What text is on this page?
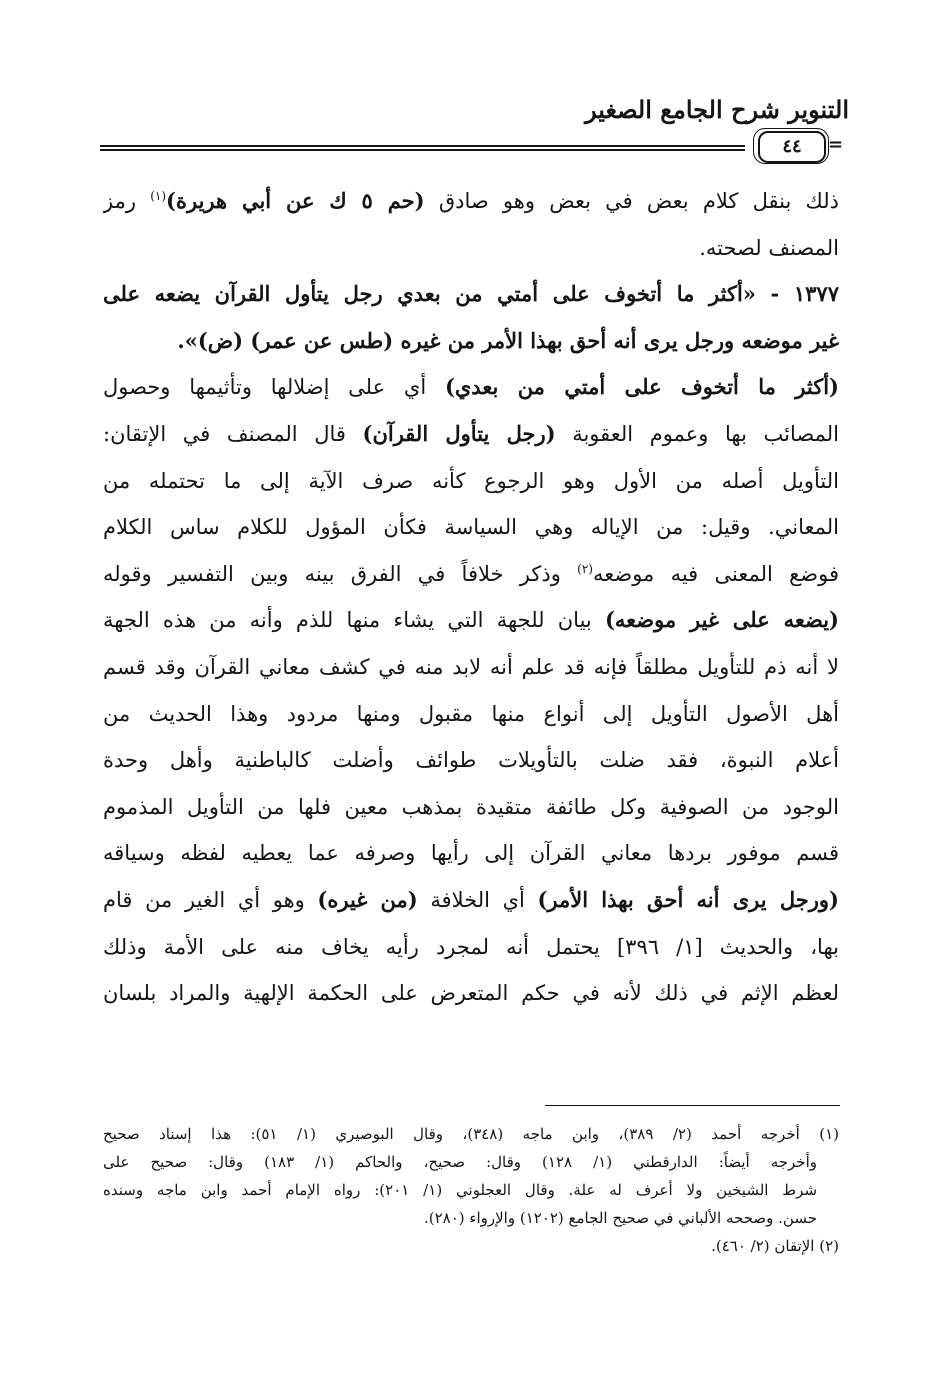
التنوير شرح الجامع الصغير
٤٤	=
ذلك بنقل كلام بعض في بعض وهو صادق (حم ٥ ك عن أبي هريرة)$^{(١)}$ رمز
المصنف لصحته.
١٣٧٧ - «أكثر ما أتخوف على أمتي من بعدي رجل يتأول القرآن يضعه على
غير موضعه ورجل يرى أنه أحق بهذا الأمر من غيره (طس عن عمر) (ض)».
(أكثر ما أتخوف على أمتي من بعدي) أي على إضلالها وتأثيمها وحصول
المصائب بها وعموم العقوبة (رجل يتأول القرآن) قال المصنف في الإتقان:
التأويل أصله من الأول وهو الرجوع كأنه صرف الآية إلى ما تحتمله من
المعاني. وقيل: من الإياله وهي السياسة فكأن المؤول للكلام ساس الكلام
فوضع المعنى فيه موضعه$^{(٢)}$ وذكر خلافاً في الفرق بينه وبين التفسير وقوله
(يضعه على غير موضعه) بيان للجهة التي يشاء منها للذم وأنه من هذه الجهة
لا أنه ذم للتأويل مطلقاً فإنه قد علم أنه لابد منه في كشف معاني القرآن وقد قسم
أهل الأصول التأويل إلى أنواع منها مقبول ومنها مردود وهذا الحديث من
أعلام النبوة، فقد ضلت بالتأويلات طوائف وأضلت كالباطنية وأهل وحدة
الوجود من الصوفية وكل طائفة متقيدة بمذهب معين فلها من التأويل المذموم
قسم موفور بردها معاني القرآن إلى رأيها وصرفه عما يعطيه لفظه وسياقه
(ورجل يرى أنه أحق بهذا الأمر) أي الخلافة (من غيره) وهو أي الغير من قام
بها، والحديث [١/ ٣٩٦] يحتمل أنه لمجرد رأيه يخاف منه على الأمة وذلك
لعظم الإثم في ذلك لأنه في حكم المتعرض على الحكمة الإلهية والمراد بلسان
(١) أخرجه أحمد (٢/ ٣٨٩)، وابن ماجه (٣٤٨)، وقال البوصيري (١/ ٥١): هذا إسناد صحيح
وأخرجه أيضاً: الدارقطني (١/ ١٢٨) وقال: صحيح، والحاكم (١/ ١٨٣) وقال: صحيح على
شرط الشيخين ولا أعرف له علة. وقال العجلوني (١/ ٢٠١): رواه الإمام أحمد وابن ماجه وسنده
حسن. وصححه الألباني في صحيح الجامع (١٢٠٢) والإرواء (٢٨٠).
(٢) الإتقان (٢/ ٤٦٠).
